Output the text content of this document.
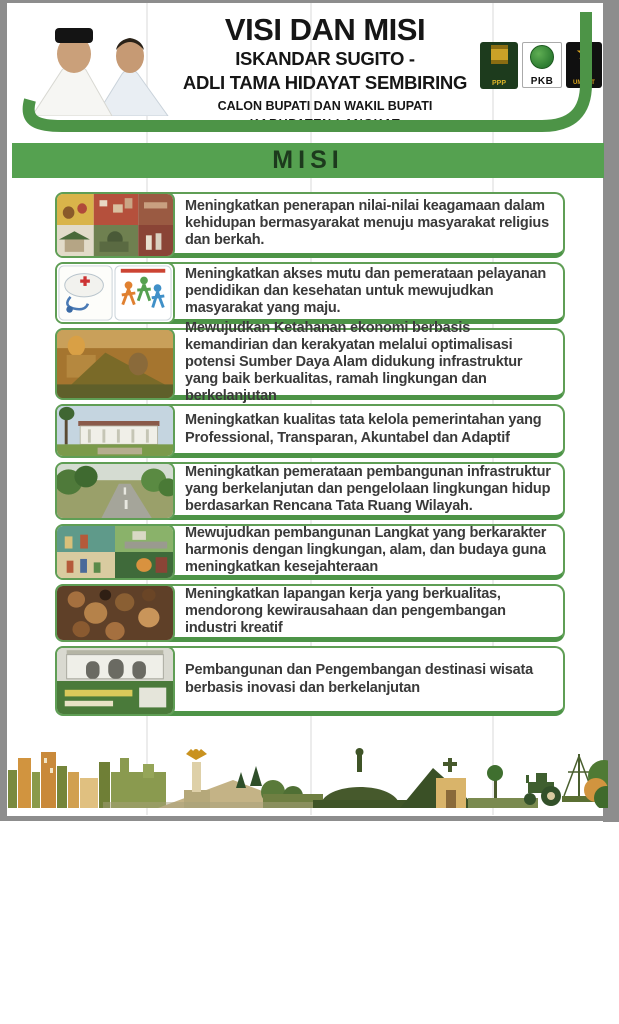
VISI DAN MISI
ISKANDAR SUGITO -
ADLI TAMA HIDAYAT SEMBIRING
CALON BUPATI DAN WAKIL BUPATI
KABUPATEN LANGKAT
PPP PKB
★
UMMAT
MISI
Meningkatkan penerapan nilai-nilai keagamaan dalam kehidupan bermasyarakat menuju masyarakat religius dan berkah.
Meningkatkan akses mutu dan pemerataan pelayanan pendidikan dan kesehatan untuk mewujudkan masyarakat yang maju.
Mewujudkan Ketahanan ekonomi berbasis kemandirian dan kerakyatan melalui optimalisasi potensi Sumber Daya Alam didukung infrastruktur yang baik berkualitas, ramah lingkungan dan berkelanjutan
Meningkatkan kualitas tata kelola pemerintahan yang Professional, Transparan, Akuntabel dan Adaptif
Meningkatkan pemerataan pembangunan infrastruktur yang berkelanjutan dan pengelolaan lingkungan hidup berdasarkan Rencana Tata Ruang Wilayah.
Mewujudkan pembangunan Langkat yang berkarakter harmonis dengan lingkungan, alam, dan budaya guna meningkatkan kesejahteraan
Meningkatkan lapangan kerja yang berkualitas, mendorong kewirausahaan dan pengembangan industri kreatif
Pembangunan dan Pengembangan destinasi wisata berbasis inovasi dan berkelanjutan
